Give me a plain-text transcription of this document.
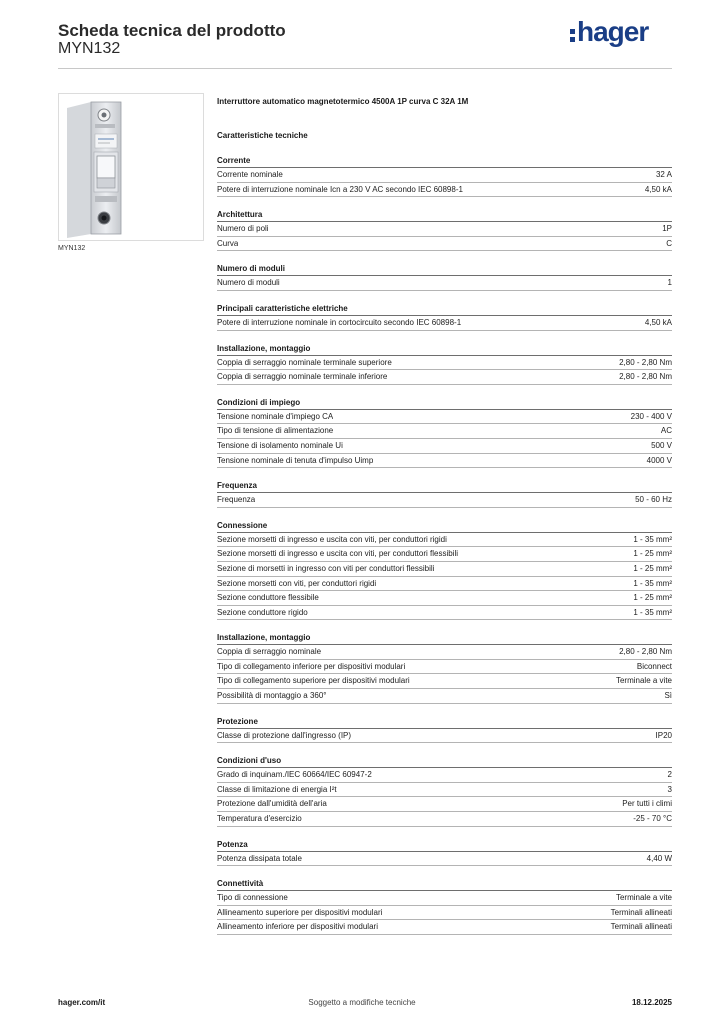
Scheda tecnica del prodotto
MYN132
hager
MYN132
Interruttore automatico magnetotermico 4500A 1P curva C 32A 1M
Caratteristiche tecniche
Corrente
Corrente nominale	32 A
Potere di interruzione nominale Icn a 230 V AC secondo IEC 60898-1	4,50 kA
Architettura
Numero di poli	1P
Curva	C
Numero di moduli
Numero di moduli	1
Principali caratteristiche elettriche
Potere di interruzione nominale in cortocircuito secondo IEC 60898-1	4,50 kA
Installazione, montaggio
Coppia di serraggio nominale terminale superiore	2,80 - 2,80 Nm
Coppia di serraggio nominale terminale inferiore	2,80 - 2,80 Nm
Condizioni di impiego
Tensione nominale d'impiego CA	230 - 400 V
Tipo di tensione di alimentazione	AC
Tensione di isolamento nominale Ui	500 V
Tensione nominale di tenuta d'impulso Uimp	4000 V
Frequenza
Frequenza	50 - 60 Hz
Connessione
Sezione morsetti di ingresso e uscita con viti, per conduttori rigidi	1 - 35 mm²
Sezione morsetti di ingresso e uscita con viti, per conduttori flessibili	1 - 25 mm²
Sezione di morsetti in ingresso con viti per conduttori flessibili	1 - 25 mm²
Sezione morsetti con viti, per conduttori rigidi	1 - 35 mm²
Sezione conduttore flessibile	1 - 25 mm²
Sezione conduttore rigido	1 - 35 mm²
Installazione, montaggio
Coppia di serraggio nominale	2,80 - 2,80 Nm
Tipo di collegamento inferiore per dispositivi modulari	Biconnect
Tipo di collegamento superiore per dispositivi modulari	Terminale a vite
Possibilità di montaggio a 360°	Sì
Protezione
Classe di protezione dall'ingresso (IP)	IP20
Condizioni d'uso
Grado di inquinam./IEC 60664/IEC 60947-2	2
Classe di limitazione di energia I²t	3
Protezione dall'umidità dell'aria	Per tutti i climi
Temperatura d'esercizio	-25 - 70 °C
Potenza
Potenza dissipata totale	4,40 W
Connettività
Tipo di connessione	Terminale a vite
Allineamento superiore per dispositivi modulari	Terminali allineati
Allineamento inferiore per dispositivi modulari	Terminali allineati
Soggetto a modifiche tecniche
hager.com/it	18.12.2025
